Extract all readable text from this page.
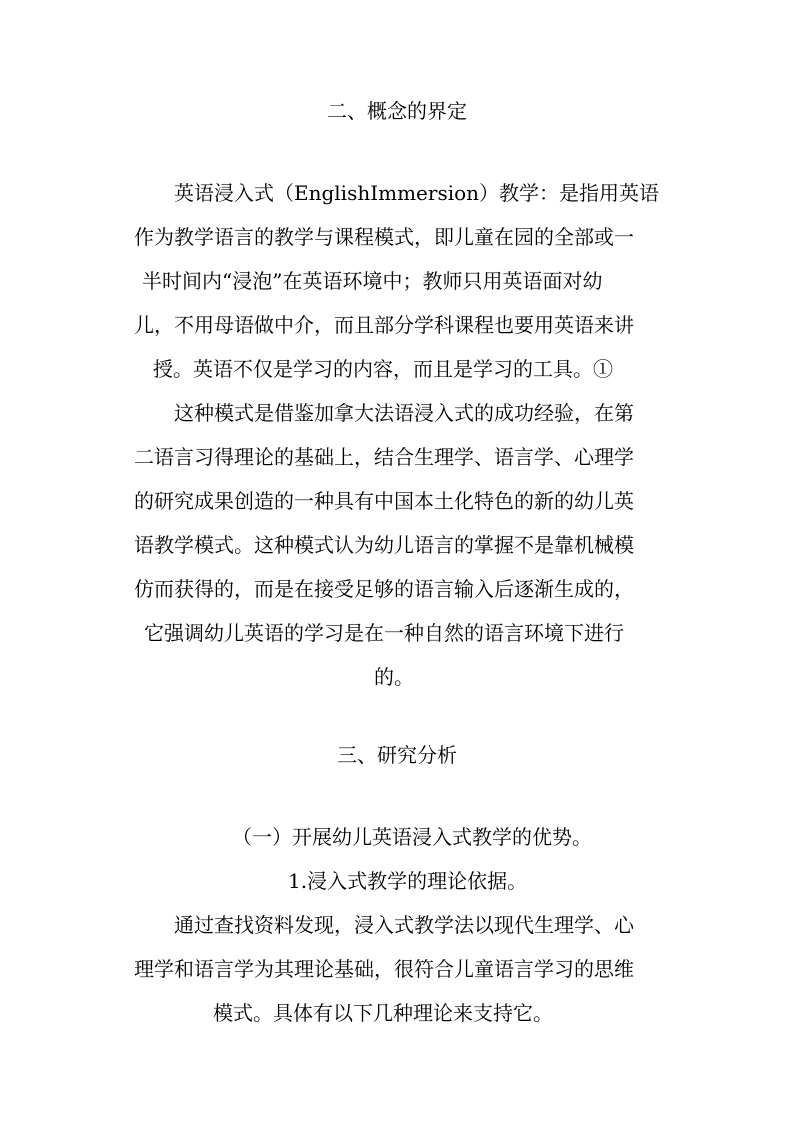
二、概念的界定
英语浸入式（EnglishImmersion）教学：是指用英语
作为教学语言的教学与课程模式，即儿童在园的全部或一
半时间内“浸泡”在英语环境中；教师只用英语面对幼
儿，不用母语做中介，而且部分学科课程也要用英语来讲
授。英语不仅是学习的内容，而且是学习的工具。①
这种模式是借鉴加拿大法语浸入式的成功经验，在第
二语言习得理论的基础上，结合生理学、语言学、心理学
的研究成果创造的一种具有中国本土化特色的新的幼儿英
语教学模式。这种模式认为幼儿语言的掌握不是靠机械模
仿而获得的，而是在接受足够的语言输入后逐渐生成的，
它强调幼儿英语的学习是在一种自然的语言环境下进行
的。
三、研究分析
（一）开展幼儿英语浸入式教学的优势。
1.浸入式教学的理论依据。
通过查找资料发现，浸入式教学法以现代生理学、心
理学和语言学为其理论基础，很符合儿童语言学习的思维
模式。具体有以下几种理论来支持它。
